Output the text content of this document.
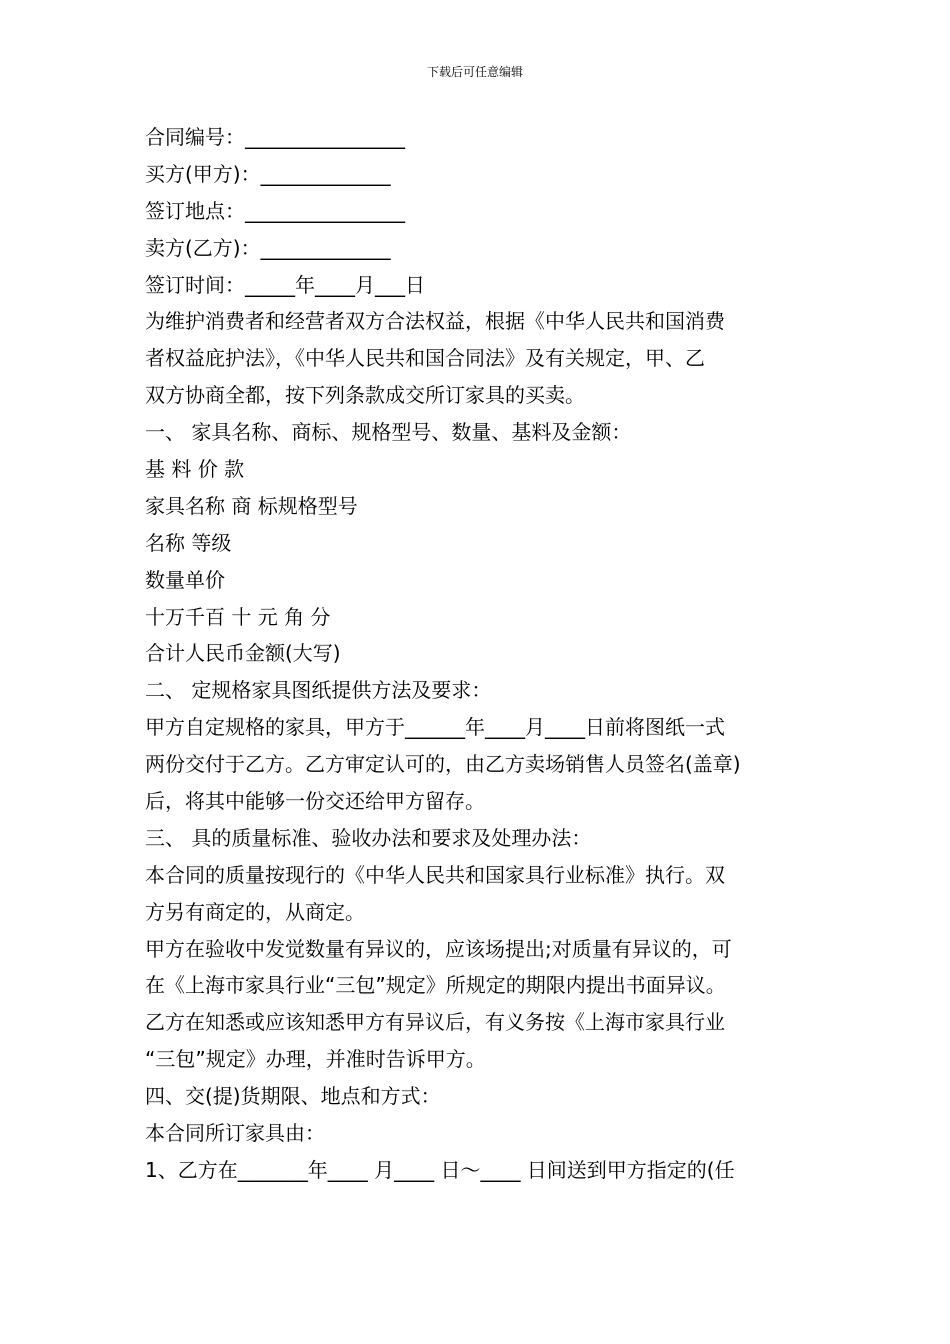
下载后可任意编辑
合同编号：________________
买方(甲方)：_____________
签订地点：________________
卖方(乙方)：_____________
签订时间：_____年____月___日
为维护消费者和经营者双方合法权益，根据《中华人民共和国消费
者权益庇护法》，《中华人民共和国合同法》及有关规定，甲、乙
双方协商全都，按下列条款成交所订家具的买卖。
一、 家具名称、商标、规格型号、数量、基料及金额：
基 料 价 款
家具名称 商 标规格型号
名称 等级
数量单价
十万千百 十 元 角 分
合计人民币金额(大写)
二、 定规格家具图纸提供方法及要求：
甲方自定规格的家具，甲方于______年____月____日前将图纸一式
两份交付于乙方。乙方审定认可的，由乙方卖场销售人员签名(盖章)
后，将其中能够一份交还给甲方留存。
三、 具的质量标准、验收办法和要求及处理办法：
本合同的质量按现行的《中华人民共和国家具行业标准》执行。双
方另有商定的，从商定。
甲方在验收中发觉数量有异议的，应该场提出;对质量有异议的，可
在《上海市家具行业“三包”规定》所规定的期限内提出书面异议。
乙方在知悉或应该知悉甲方有异议后，有义务按《上海市家具行业
“三包”规定》办理，并准时告诉甲方。
四、交(提)货期限、地点和方式：
本合同所订家具由：
1、乙方在_______年____ 月____ 日～____ 日间送到甲方指定的(任
